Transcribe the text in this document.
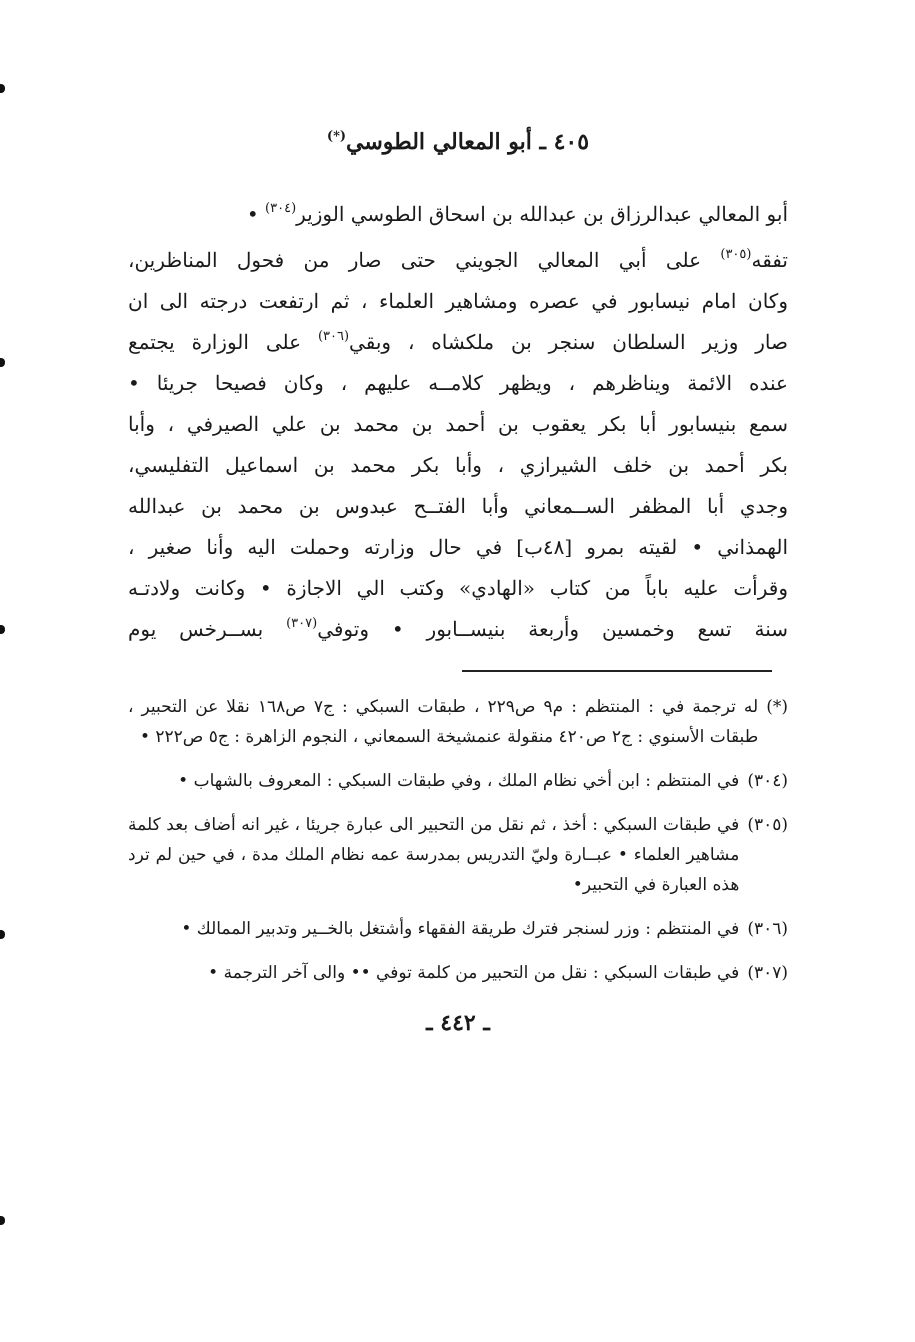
٤٠٥ ـ أبو المعالي الطوسي(*)
أبو المعالي عبدالرزاق بن عبدالله بن اسحاق الطوسي الوزير$^{(٣٠٤)}$ •
تفقه$^{(٣٠٥)}$ على أبي المعالي الجويني حتى صار من فحول المناظرين،
وكان امام نيسابور في عصره ومشاهير العلماء ، ثم ارتفعت درجته الى ان
صار وزير السلطان سنجر بن ملكشاه ، وبقي$^{(٣٠٦)}$ على الوزارة يجتمع
عنده الائمة ويناظرهم ، ويظهر كلامــه عليهم ، وكان فصيحا جريئا •
سمع بنيسابور أبا بكر يعقوب بن أحمد بن محمد بن علي الصيرفي ، وأبا
بكر أحمد بن خلف الشيرازي ، وأبا بكر محمد بن اسماعيل التفليسي،
وجدي أبا المظفر الســمعاني وأبا الفتــح عبدوس بن محمد بن عبدالله
الهمذاني • لقيته بمرو [٤٨ب] في حال وزارته وحملت اليه وأنا صغير ،
وقرأت عليه باباً من كتاب «الهادي» وكتب الي الاجازة • وكانت ولادتـه
سنة تسع وخمسين وأربعة بنيســابور • وتوفي$^{(٣٠٧)}$ بســرخس يوم
(*)
له ترجمة في : المنتظم : م٩ ص٢٢٩ ، طبقات السبكي : ج٧ ص١٦٨ نقلا عن التحبير ، طبقات الأسنوي : ج٢ ص٤٢٠ منقولة عنمشيخة السمعاني ، النجوم الزاهرة : ج٥ ص٢٢٢ •
(٣٠٤)
في المنتظم : ابن أخي نظام الملك ، وفي طبقات السبكي : المعروف بالشهاب •
(٣٠٥)
في طبقات السبكي : أخذ ، ثم نقل من التحبير الى عبارة جريئا ، غير انه أضاف بعد كلمة مشاهير العلماء • عبــارة وليّ التدريس بمدرسة عمه نظام الملك مدة ، في حين لم ترد هذه العبارة في التحبير•
(٣٠٦)
في المنتظم : وزر لسنجر فترك طريقة الفقهاء وأشتغل بالخــير وتدبير الممالك •
(٣٠٧)
في طبقات السبكي : نقل من التحبير من كلمة توفي •• والى آخر الترجمة •
ـ ٤٤٢ ـ
